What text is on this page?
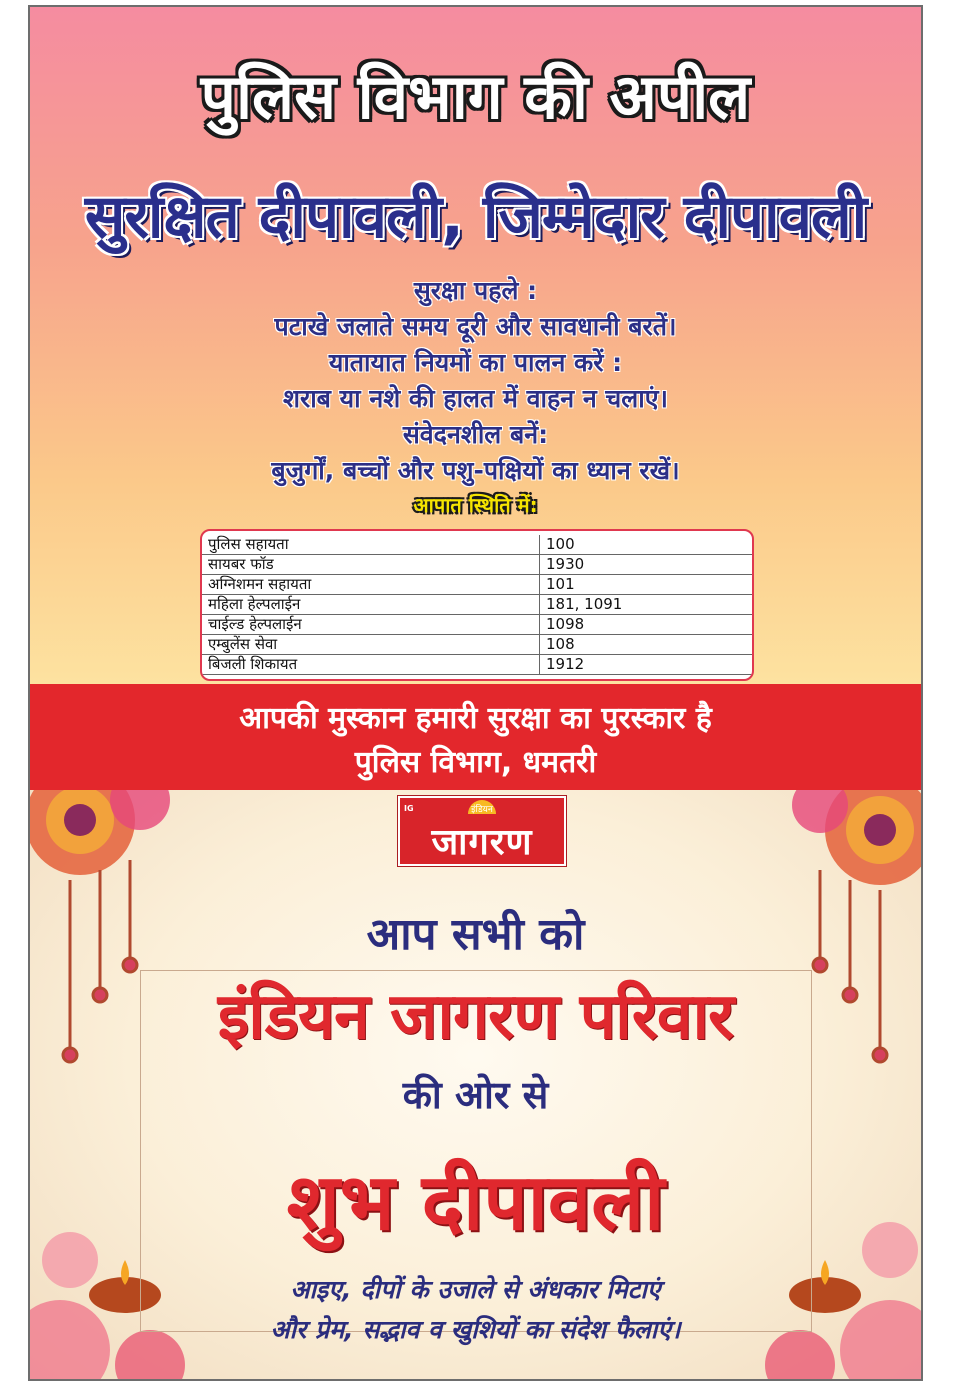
पुलिस विभाग की अपील
सुरक्षित दीपावली, जिम्मेदार दीपावली
सुरक्षा पहले :
पटाखे जलाते समय दूरी और सावधानी बरतें।
यातायात नियमों का पालन करें :
शराब या नशे की हालत में वाहन न चलाएं।
संवेदनशील बनें:
बुजुर्गों, बच्चों और पशु-पक्षियों का ध्यान रखें।
आपात स्थिति में:
पुलिस सहायता	100
सायबर फॉड	1930
अग्निशमन सहायता	101
महिला हेल्पलाईन	181, 1091
चाईल्ड हेल्पलाईन	1098
एम्बुलेंस सेवा	108
बिजली शिकायत	1912
आपकी मुस्कान हमारी सुरक्षा का पुरस्कार है
पुलिस विभाग, धमतरी
IG	इंडियन
जागरण
आप सभी को
इंडियन जागरण परिवार
की ओर से
शुभ दीपावली
आइए, दीपों के उजाले से अंधकार मिटाएं
और प्रेम, सद्भाव व खुशियों का संदेश फैलाएं।
